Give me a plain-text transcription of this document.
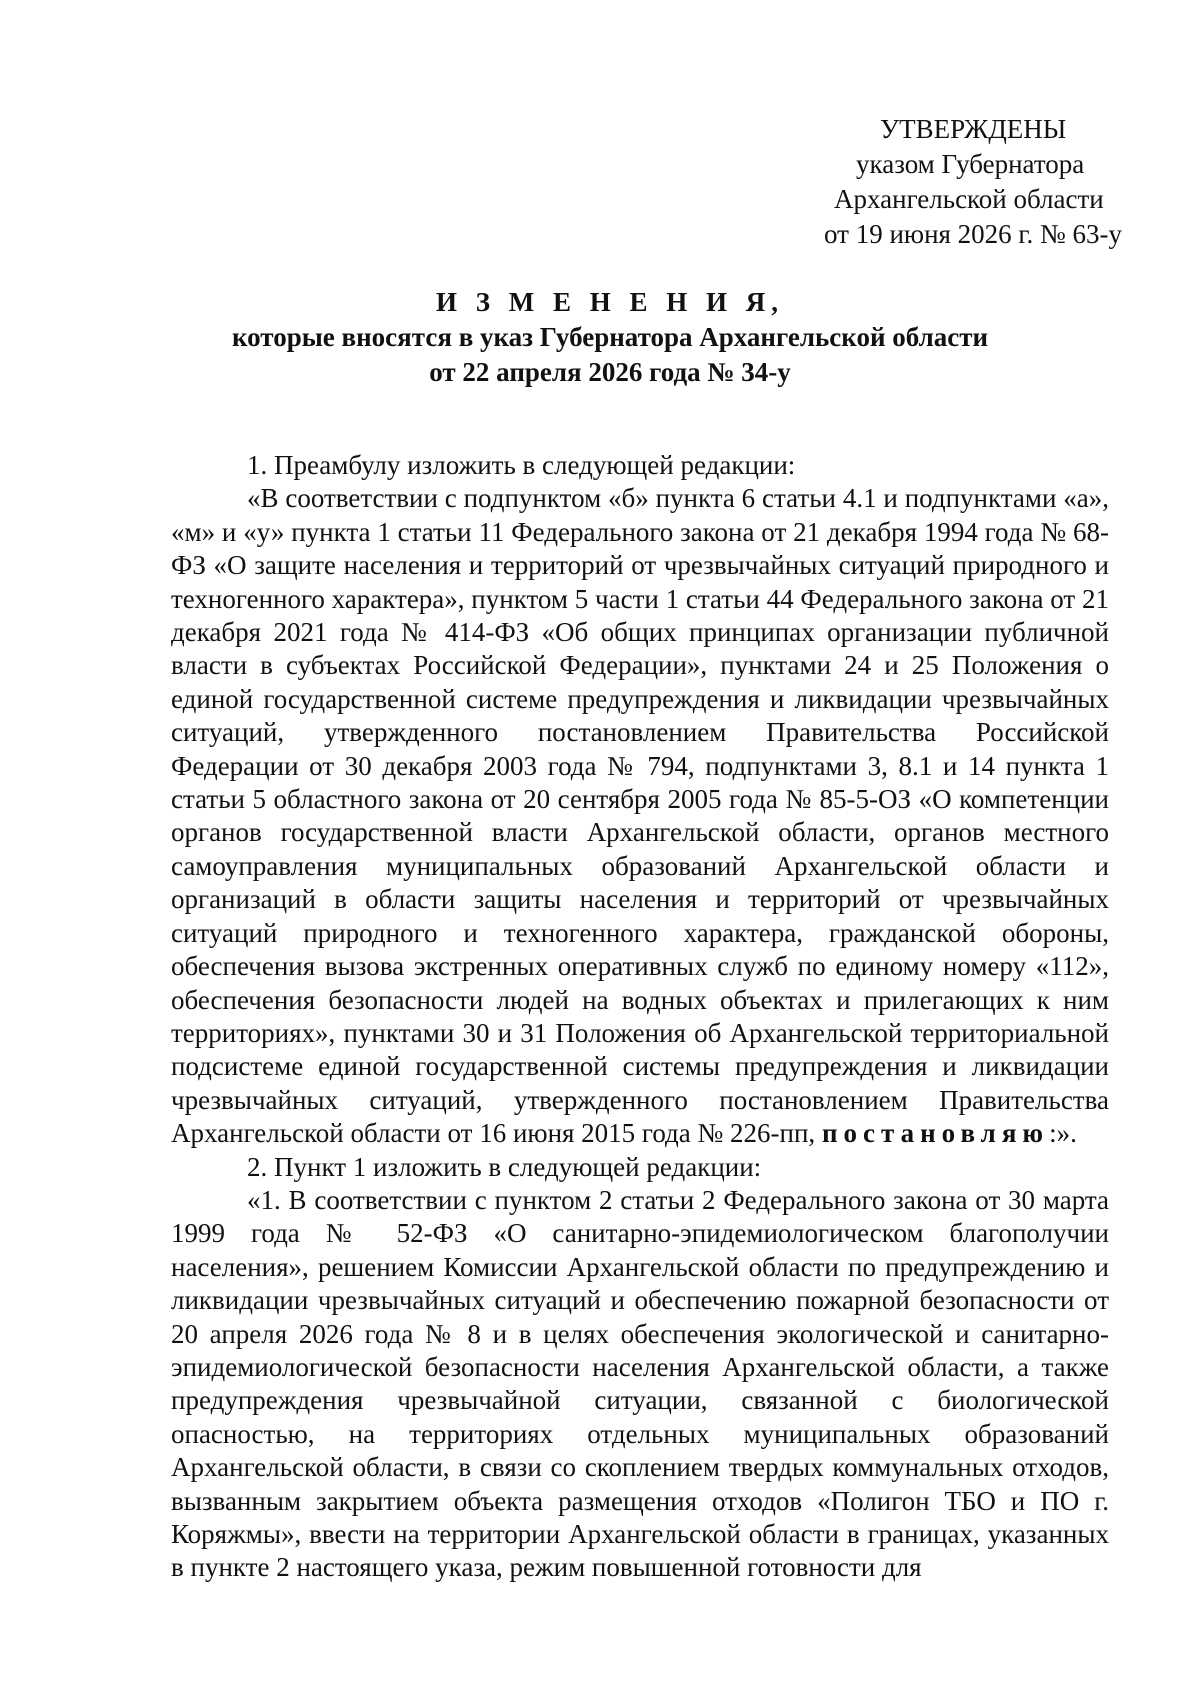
УТВЕРЖДЕНЫ
указом Губернатора
Архангельской области
от 19 июня 2026 г. № 63-у
И З М Е Н Е Н И Я,
которые вносятся в указ Губернатора Архангельской области
от 22 апреля 2026 года № 34-у

1. Преамбулу изложить в следующей редакции:

«В соответствии с подпунктом «б» пункта 6 статьи 4.1 и подпунктами «а», «м» и «у» пункта 1 статьи 11 Федерального закона от 21 декабря 1994 года № 68-ФЗ «О защите населения и территорий от чрезвычайных ситуаций природного и техногенного характера», пунктом 5 части 1 статьи 44 Федерального закона от 21 декабря 2021 года № 414-ФЗ «Об общих принципах организации публичной власти в субъектах Российской Федерации», пунктами 24 и 25 Положения о единой государственной системе предупреждения и ликвидации чрезвычайных ситуаций, утвержденного постановлением Правительства Российской Федерации от 30 декабря 2003 года № 794, подпунктами 3, 8.1 и 14 пункта 1 статьи 5 областного закона от 20 сентября 2005 года № 85-5-ОЗ «О компетенции органов государственной власти Архангельской области, органов местного самоуправления муниципальных образований Архангельской области и организаций в области защиты населения и территорий от чрезвычайных ситуаций природного и техногенного характера, гражданской обороны, обеспечения вызова экстренных оперативных служб по единому номеру «112», обеспечения безопасности людей на водных объектах и прилегающих к ним территориях», пунктами 30 и 31 Положения об Архангельской территориальной подсистеме единой государственной системы предупреждения и ликвидации чрезвычайных ситуаций, утвержденного постановлением Правительства Архангельской области от 16 июня 2015 года № 226-пп, постановляю:».

2. Пункт 1 изложить в следующей редакции:

«1. В соответствии с пунктом 2 статьи 2 Федерального закона от 30 марта 1999 года № 52-ФЗ «О санитарно-эпидемиологическом благополучии населения», решением Комиссии Архангельской области по предупреждению и ликвидации чрезвычайных ситуаций и обеспечению пожарной безопасности от 20 апреля 2026 года № 8 и в целях обеспечения экологической и санитарно-эпидемиологической безопасности населения Архангельской области, а также предупреждения чрезвычайной ситуации, связанной с биологической опасностью, на территориях отдельных муниципальных образований Архангельской области, в связи со скоплением твердых коммунальных отходов, вызванным закрытием объекта размещения отходов «Полигон ТБО и ПО г. Коряжмы», ввести на территории Архангельской области в границах, указанных в пункте 2 настоящего указа, режим повышенной готовности для
